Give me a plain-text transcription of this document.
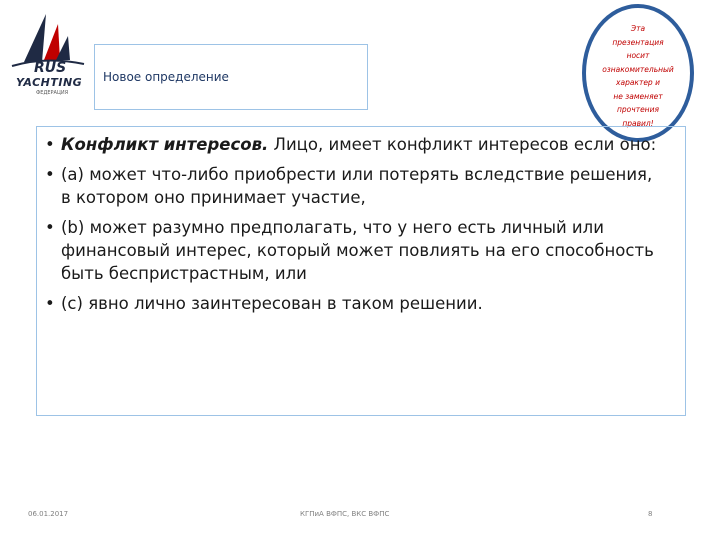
RUS
YACHTING
ФЕДЕРАЦИЯ
Новое определение
Эта
презентация
носит
ознакомительный
характер и
не заменяет
прочтения
правил!
• Конфликт интересов. Лицо, имеет конфликт интересов если оно:
• (a) может что-либо приобрести или потерять вследствие решения, в котором оно принимает участие,
• (b) может разумно предполагать, что у него есть личный или финансовый интерес, который может повлиять на его способность быть беспристрастным, или
• (c) явно лично заинтересован в таком решении.
06.01.2017	КГПиА ВФПС, ВКС ВФПС	8
